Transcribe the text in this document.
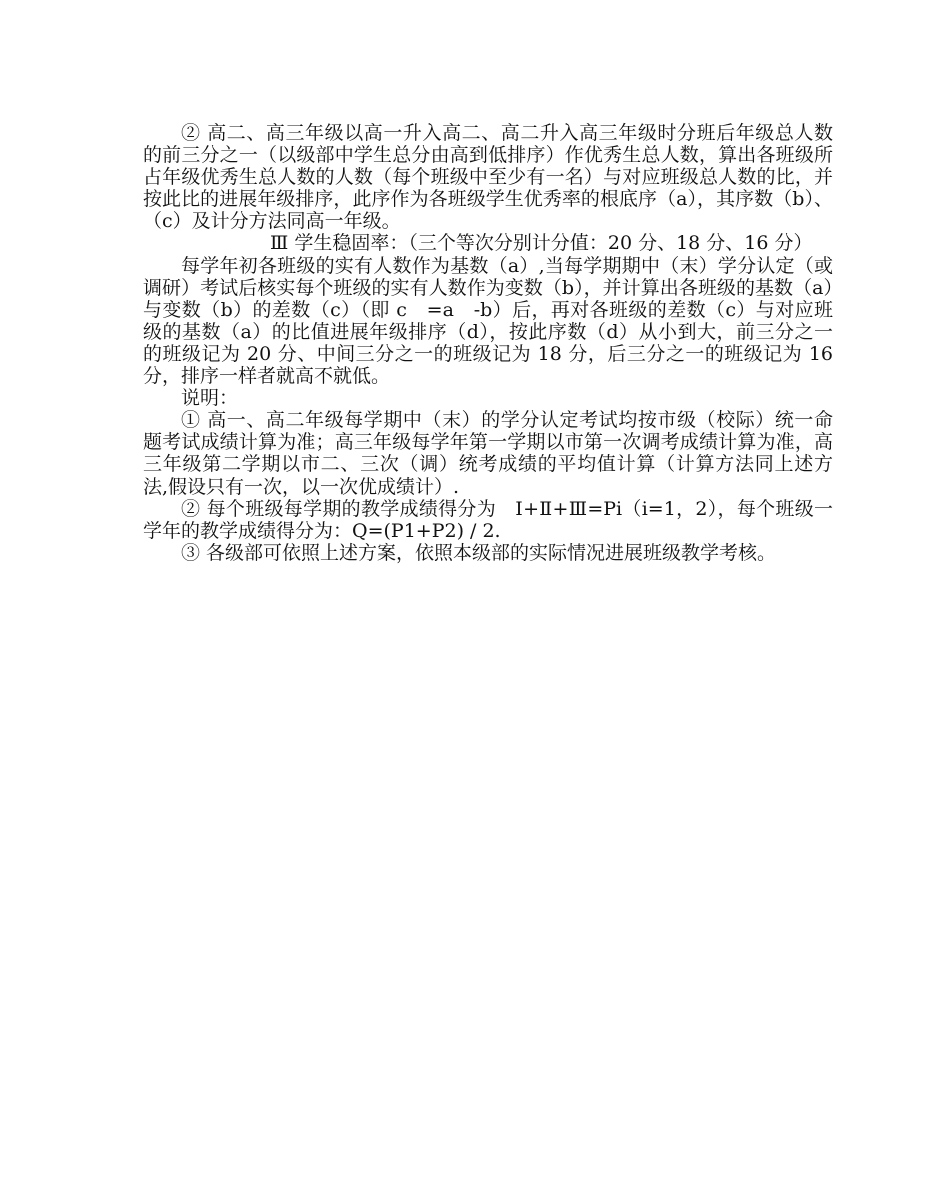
② 高二、高三年级以高一升入高二、高二升入高三年级时分班后年级总人数的前三分之一（以级部中学生总分由高到低排序）作优秀生总人数，算出各班级所占年级优秀生总人数的人数（每个班级中至少有一名）与对应班级总人数的比，并按此比的进展年级排序，此序作为各班级学生优秀率的根底序（a），其序数（b）、（c）及计分方法同高一年级。

Ⅲ 学生稳固率：（三个等次分别计分值：20 分、18 分、16 分）

每学年初各班级的实有人数作为基数（a）,当每学期期中（末）学分认定（或调研）考试后核实每个班级的实有人数作为变数（b），并计算出各班级的基数（a）与变数（b）的差数（c）（即 c　=a　-b）后，再对各班级的差数（c）与对应班级的基数（a）的比值进展年级排序（d），按此序数（d）从小到大，前三分之一的班级记为 20 分、中间三分之一的班级记为 18 分，后三分之一的班级记为 16 分，排序一样者就高不就低。

说明：

① 高一、高二年级每学期中（末）的学分认定考试均按市级（校际）统一命题考试成绩计算为准；高三年级每学年第一学期以市第一次调考成绩计算为准，高三年级第二学期以市二、三次（调）统考成绩的平均值计算（计算方法同上述方法,假设只有一次，以一次优成绩计）.

② 每个班级每学期的教学成绩得分为　Ⅰ+Ⅱ+Ⅲ=Pi（i=1，2），每个班级一学年的教学成绩得分为：Q=(P1+P2) / 2.

③ 各级部可依照上述方案，依照本级部的实际情况进展班级教学考核。
